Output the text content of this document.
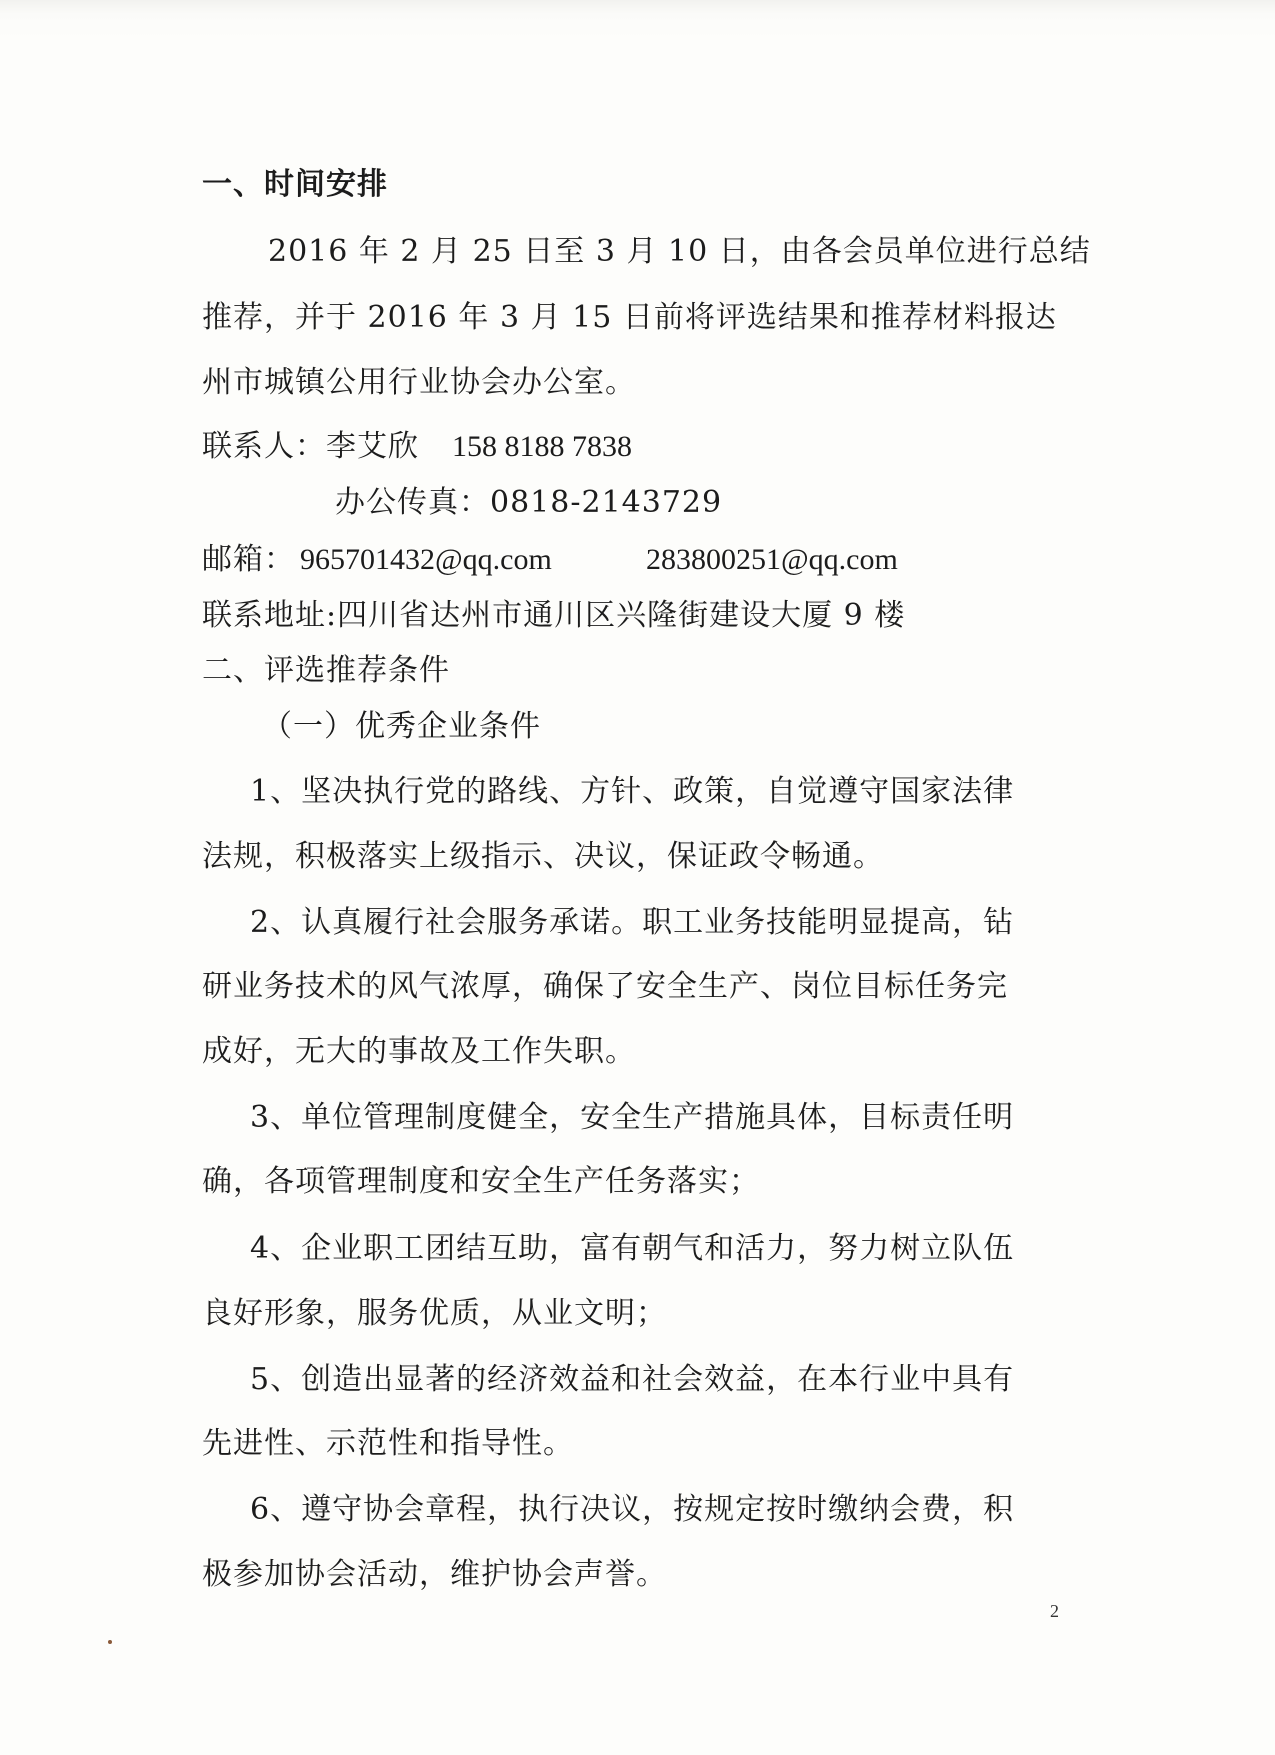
一、时间安排
2016 年 2 月 25 日至 3 月 10 日，由各会员单位进行总结
推荐，并于 2016 年 3 月 15 日前将评选结果和推荐材料报达
州市城镇公用行业协会办公室。
联系人：李艾欣 158 8188 7838
办公传真：0818-2143729
邮箱： 965701432@qq.com	283800251@qq.com
联系地址:四川省达州市通川区兴隆街建设大厦 9 楼
二、评选推荐条件
（一）优秀企业条件
1、坚决执行党的路线、方针、政策，自觉遵守国家法律
法规，积极落实上级指示、决议，保证政令畅通。
2、认真履行社会服务承诺。职工业务技能明显提高，钻
研业务技术的风气浓厚，确保了安全生产、岗位目标任务完
成好，无大的事故及工作失职。
3、单位管理制度健全，安全生产措施具体，目标责任明
确，各项管理制度和安全生产任务落实；
4、企业职工团结互助，富有朝气和活力，努力树立队伍
良好形象，服务优质，从业文明；
5、创造出显著的经济效益和社会效益，在本行业中具有
先进性、示范性和指导性。
6、遵守协会章程，执行决议，按规定按时缴纳会费，积
极参加协会活动，维护协会声誉。
2
